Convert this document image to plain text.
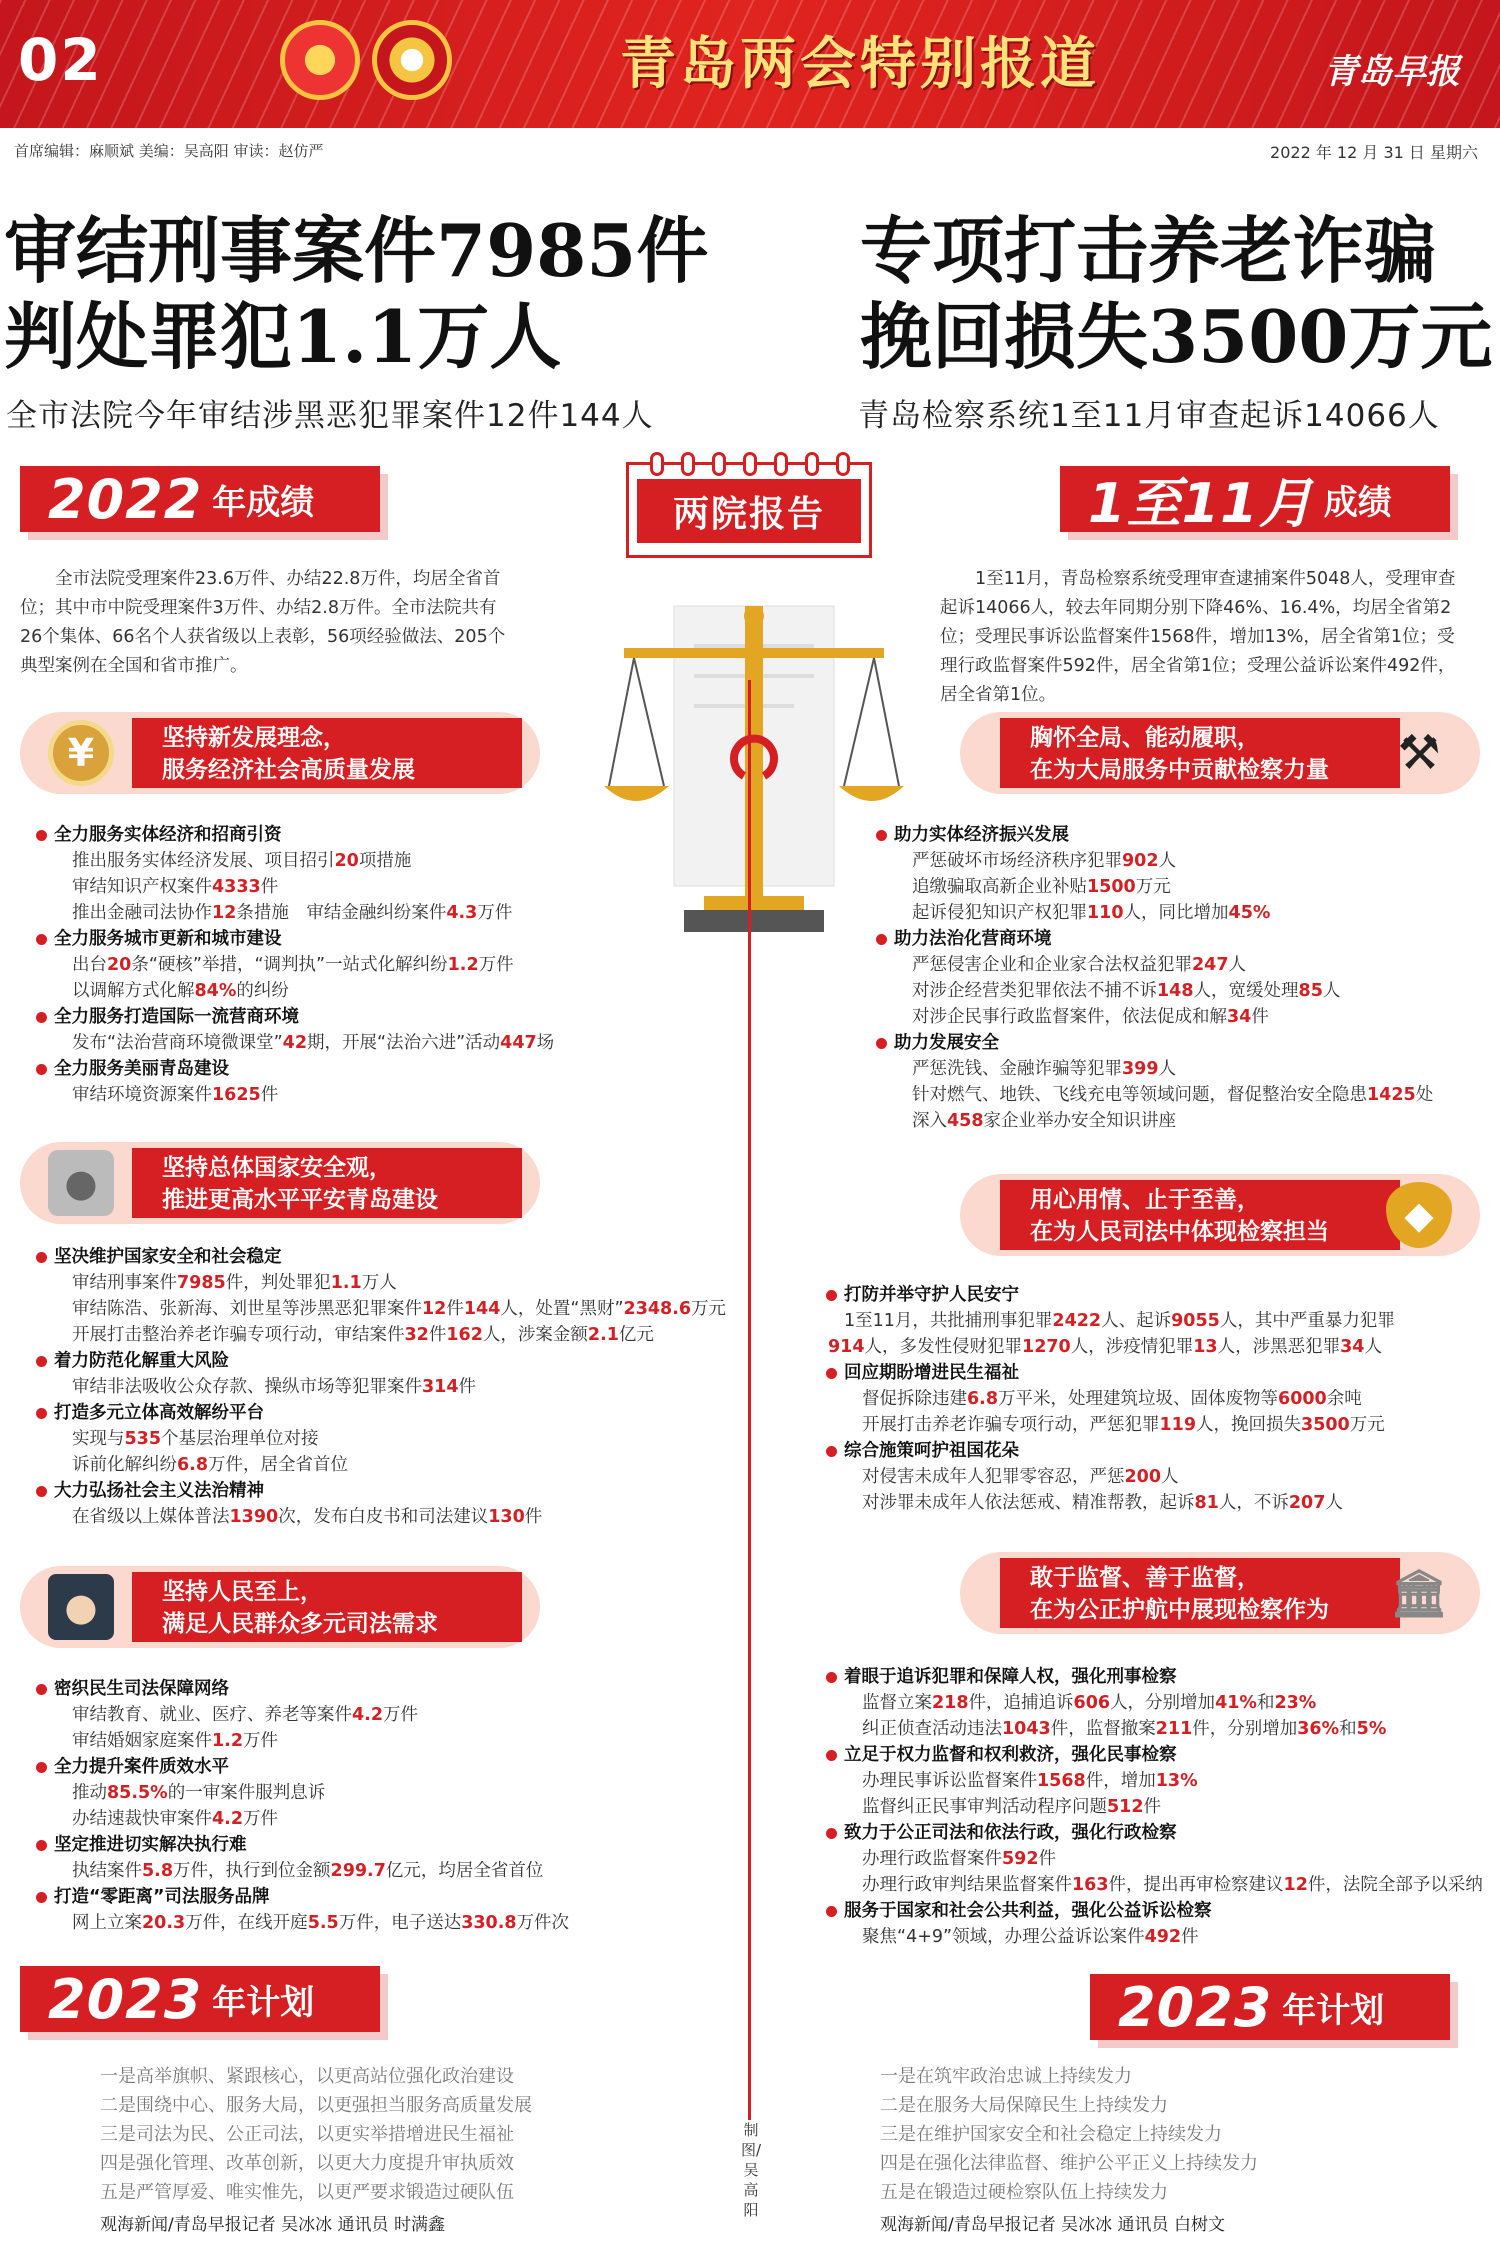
02	青岛两会特别报道	青岛早报
首席编辑：麻顺斌 美编：吴高阳 审读：赵仿严	2022 年 12 月 31 日 星期六
审结刑事案件7985件
判处罪犯1.1万人
专项打击养老诈骗
挽回损失3500万元
全市法院今年审结涉黑恶犯罪案件12件144人	青岛检察系统1至11月审查起诉14066人
2022 年成绩	1至11月 成绩
两院报告
全市法院受理案件23.6万件、办结22.8万件，均居全省首位；其中市中院受理案件3万件、办结2.8万件。全市法院共有26个集体、66名个人获省级以上表彰，56项经验做法、205个典型案例在全国和省市推广。
1至11月，青岛检察系统受理审查逮捕案件5048人，受理审查起诉14066人，较去年同期分别下降46%、16.4%，均居全省第2位；受理民事诉讼监督案件1568件，增加13%，居全省第1位；受理行政监督案件592件，居全省第1位；受理公益诉讼案件492件，居全省第1位。
¥	坚持新发展理念，
服务经济社会高质量发展
全力服务实体经济和招商引资
推出服务实体经济发展、项目招引20项措施
审结知识产权案件4333件
推出金融司法协作12条措施　审结金融纠纷案件4.3万件
全力服务城市更新和城市建设
出台20条“硬核”举措，“调判执”一站式化解纠纷1.2万件
以调解方式化解84%的纠纷
全力服务打造国际一流营商环境
发布“法治营商环境微课堂”42期，开展“法治六进”活动447场
全力服务美丽青岛建设
审结环境资源案件1625件
●	坚持总体国家安全观，
推进更高水平平安青岛建设
坚决维护国家安全和社会稳定
审结刑事案件7985件，判处罪犯1.1万人
审结陈浩、张新海、刘世星等涉黑恶犯罪案件12件144人，处置“黑财”2348.6万元
开展打击整治养老诈骗专项行动，审结案件32件162人，涉案金额2.1亿元
着力防范化解重大风险
审结非法吸收公众存款、操纵市场等犯罪案件314件
打造多元立体高效解纷平台
实现与535个基层治理单位对接
诉前化解纠纷6.8万件，居全省首位
大力弘扬社会主义法治精神
在省级以上媒体普法1390次，发布白皮书和司法建议130件
●	坚持人民至上，
满足人民群众多元司法需求
密织民生司法保障网络
审结教育、就业、医疗、养老等案件4.2万件
审结婚姻家庭案件1.2万件
全力提升案件质效水平
推动85.5%的一审案件服判息诉
办结速裁快审案件4.2万件
坚定推进切实解决执行难
执结案件5.8万件，执行到位金额299.7亿元，均居全省首位
打造“零距离”司法服务品牌
网上立案20.3万件，在线开庭5.5万件，电子送达330.8万件次
胸怀全局、能动履职，
在为大局服务中贡献检察力量	⚒
助力实体经济振兴发展
严惩破坏市场经济秩序犯罪902人
追缴骗取高新企业补贴1500万元
起诉侵犯知识产权犯罪110人，同比增加45%
助力法治化营商环境
严惩侵害企业和企业家合法权益犯罪247人
对涉企经营类犯罪依法不捕不诉148人，宽缓处理85人
对涉企民事行政监督案件，依法促成和解34件
助力发展安全
严惩洗钱、金融诈骗等犯罪399人
针对燃气、地铁、飞线充电等领域问题，督促整治安全隐患1425处
深入458家企业举办安全知识讲座
用心用情、止于至善，
在为人民司法中体现检察担当	◆
打防并举守护人民安宁
1至11月，共批捕刑事犯罪2422人、起诉9055人，其中严重暴力犯罪
914人，多发性侵财犯罪1270人，涉疫情犯罪13人，涉黑恶犯罪34人
回应期盼增进民生福祉
督促拆除违建6.8万平米，处理建筑垃圾、固体废物等6000余吨
开展打击养老诈骗专项行动，严惩犯罪119人，挽回损失3500万元
综合施策呵护祖国花朵
对侵害未成年人犯罪零容忍，严惩200人
对涉罪未成年人依法惩戒、精准帮教，起诉81人，不诉207人
敢于监督、善于监督，
在为公正护航中展现检察作为	🏛
着眼于追诉犯罪和保障人权，强化刑事检察
监督立案218件，追捕追诉606人，分别增加41%和23%
纠正侦查活动违法1043件，监督撤案211件，分别增加36%和5%
立足于权力监督和权利救济，强化民事检察
办理民事诉讼监督案件1568件，增加13%
监督纠正民事审判活动程序问题512件
致力于公正司法和依法行政，强化行政检察
办理行政监督案件592件
办理行政审判结果监督案件163件，提出再审检察建议12件，法院全部予以采纳
服务于国家和社会公共利益，强化公益诉讼检察
聚焦“4+9”领域，办理公益诉讼案件492件
2023 年计划	2023 年计划
一是高举旗帜、紧跟核心，以更高站位强化政治建设
二是围绕中心、服务大局，以更强担当服务高质量发展
三是司法为民、公正司法，以更实举措增进民生福祉
四是强化管理、改革创新，以更大力度提升审执质效
五是严管厚爱、唯实惟先，以更严要求锻造过硬队伍
一是在筑牢政治忠诚上持续发力
二是在服务大局保障民生上持续发力
三是在维护国家安全和社会稳定上持续发力
四是在强化法律监督、维护公平正义上持续发力
五是在锻造过硬检察队伍上持续发力
制图/吴高阳
观海新闻/青岛早报记者 吴冰冰 通讯员 时满鑫	观海新闻/青岛早报记者 吴冰冰 通讯员 白树文
